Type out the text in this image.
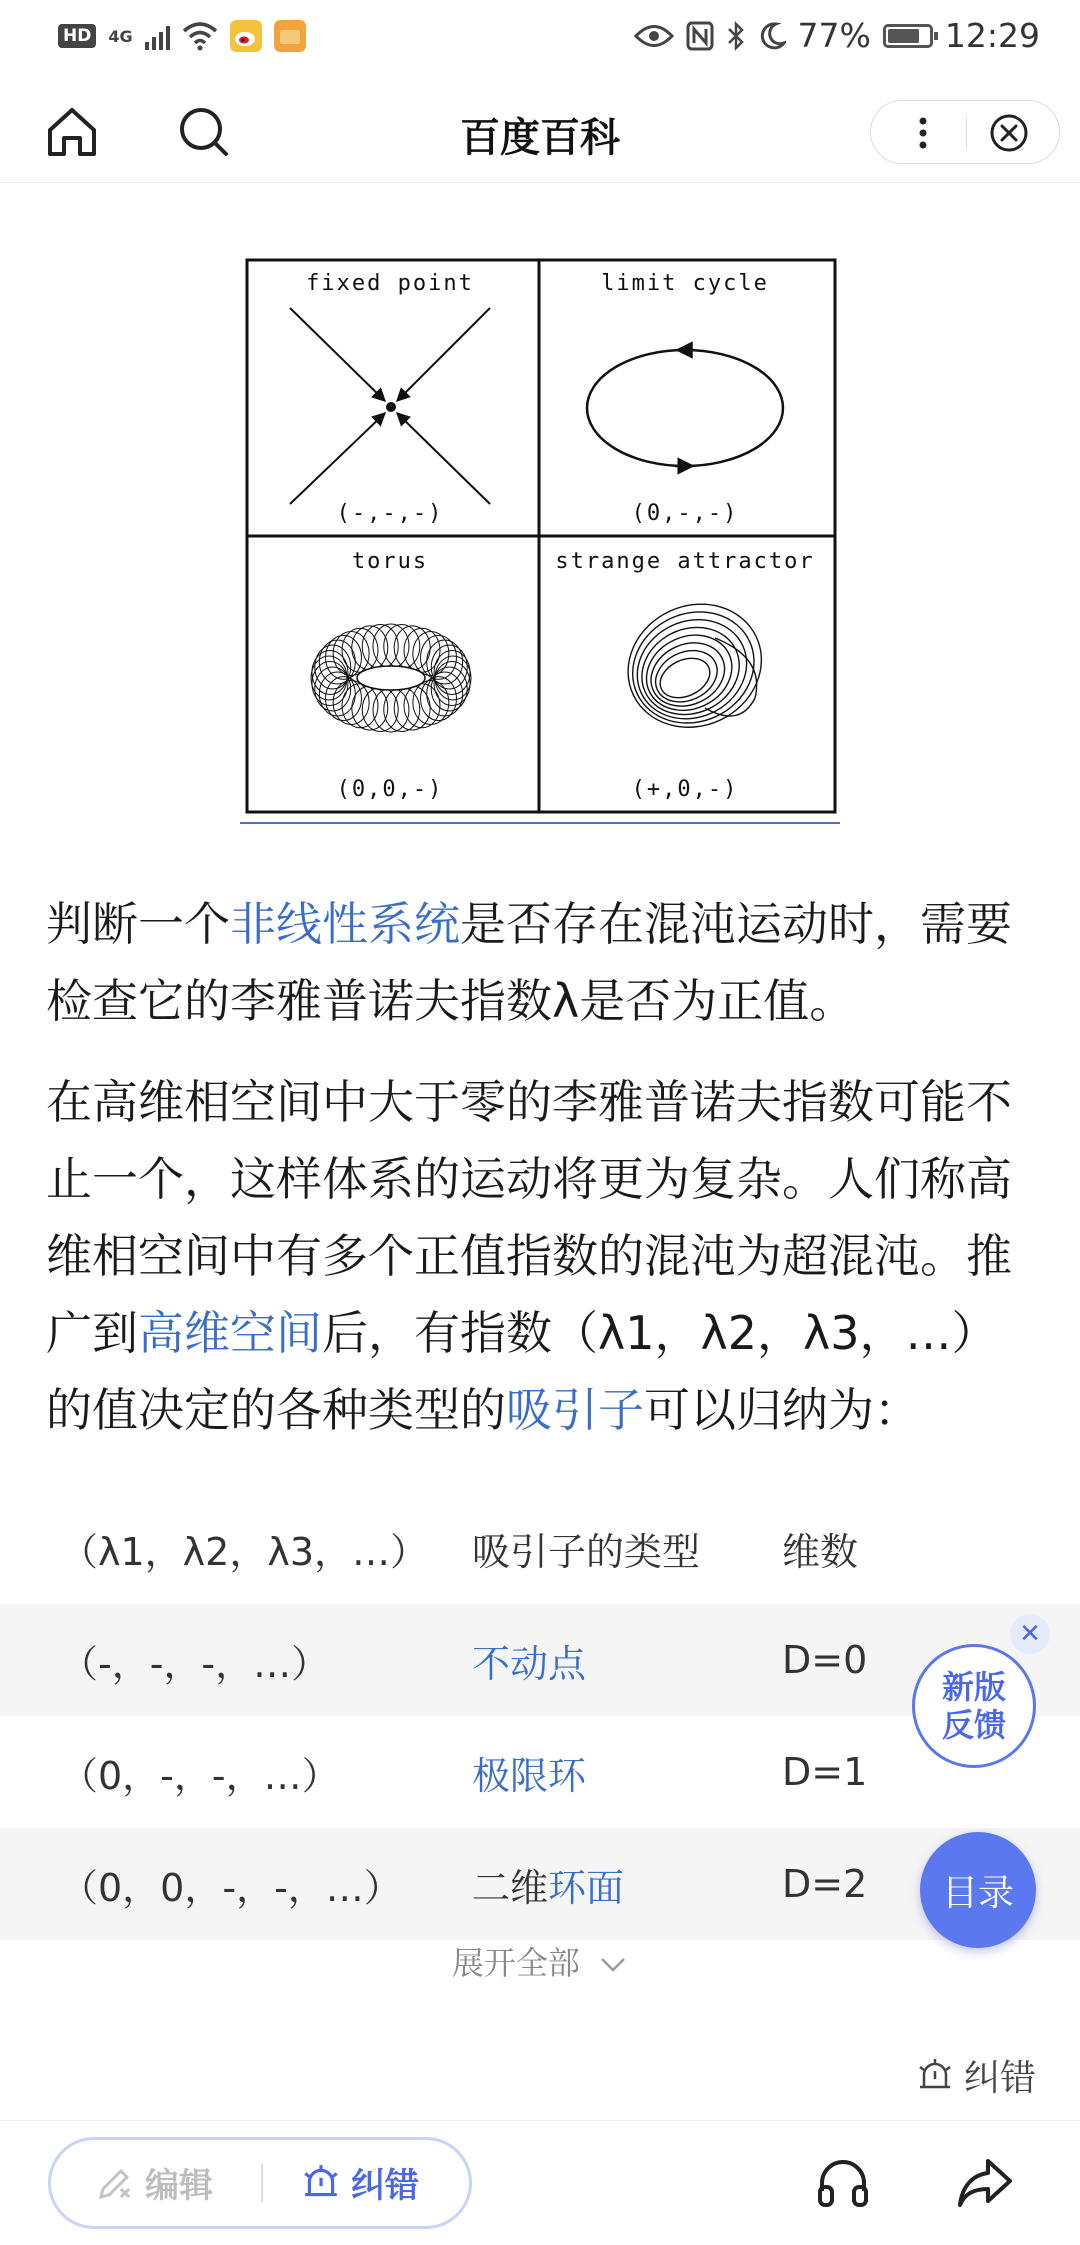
HD	4G	77% 12:29
百度百科
fixed point
(-,-,-)
limit cycle
(0,-,-)
torus
(0,0,-)
strange attractor
(+,0,-)
判断一个非线性系统是否存在混沌运动时，需要检查它的李雅普诺夫指数λ是否为正值。
在高维相空间中大于零的李雅普诺夫指数可能不止一个，这样体系的运动将更为复杂。人们称高维相空间中有多个正值指数的混沌为超混沌。推广到高维空间后，有指数（λ1，λ2，λ3，…）的值决定的各种类型的吸引子可以归纳为：
（λ1，λ2，λ3，…） 吸引子的类型 维数
（-，-，-，…）	不动点	D=0
（0，-，-，…）	极限环	D=1
（0，0，-，-，…） 二维环面	D=2
展开全部
纠错
✕
新版
反馈
目录
编辑	纠错
